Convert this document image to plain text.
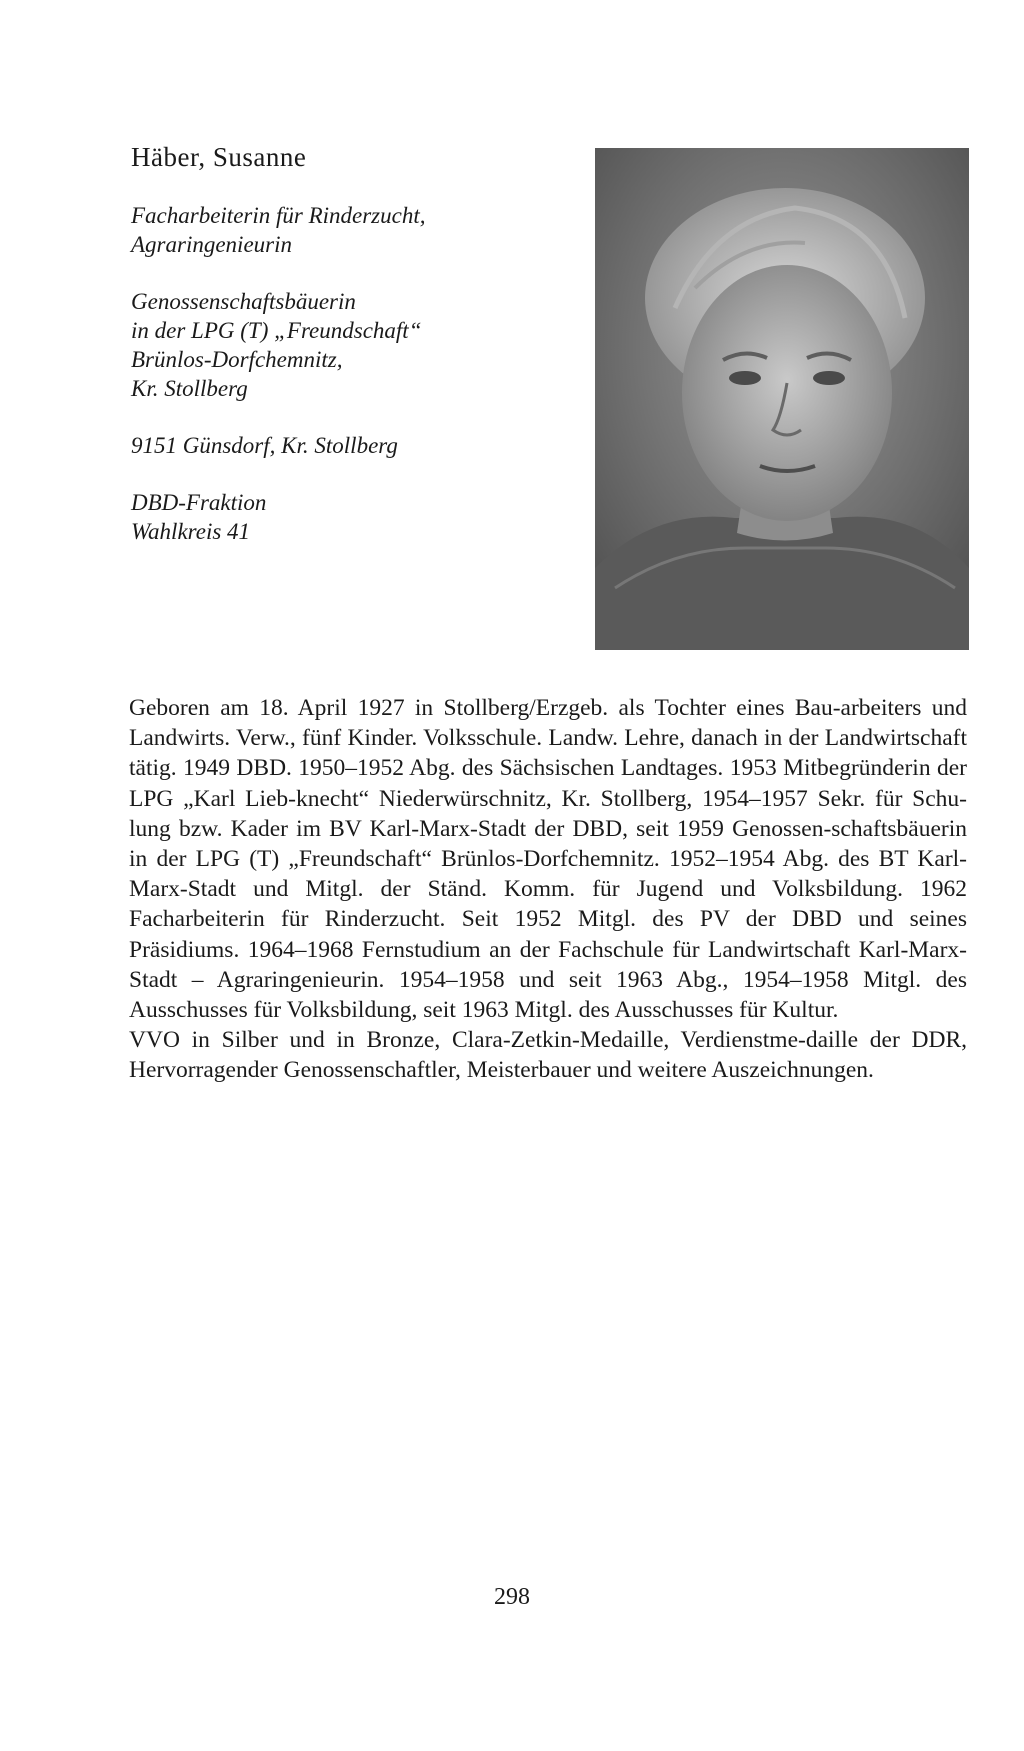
Häber, Susanne
Facharbeiterin für Rinderzucht,
Agraringenieurin
Genossenschaftsbäuerin
in der LPG (T) „Freundschaft“
Brünlos-Dorfchemnitz,
Kr. Stollberg
9151 Günsdorf, Kr. Stollberg
DBD-Fraktion
Wahlkreis 41

Geboren am 18. April 1927 in Stollberg/Erzgeb. als Tochter eines Bau-arbeiters und Landwirts. Verw., fünf Kinder. Volksschule. Landw. Lehre, danach in der Landwirtschaft tätig. 1949 DBD. 1950–1952 Abg. des Sächsischen Landtages. 1953 Mitbegründerin der LPG „Karl Lieb-knecht“ Niederwürschnitz, Kr. Stollberg, 1954–1957 Sekr. für Schu-lung bzw. Kader im BV Karl-Marx-Stadt der DBD, seit 1959 Genossen-schaftsbäuerin in der LPG (T) „Freundschaft“ Brünlos-Dorfchemnitz. 1952–1954 Abg. des BT Karl-Marx-Stadt und Mitgl. der Ständ. Komm. für Jugend und Volksbildung. 1962 Facharbeiterin für Rinderzucht. Seit 1952 Mitgl. des PV der DBD und seines Präsidiums. 1964–1968 Fernstudium an der Fachschule für Landwirtschaft Karl-Marx-Stadt – Agraringenieurin. 1954–1958 und seit 1963 Abg., 1954–1958 Mitgl. des Ausschusses für Volksbildung, seit 1963 Mitgl. des Ausschusses für Kultur.

VVO in Silber und in Bronze, Clara-Zetkin-Medaille, Verdienstme-daille der DDR, Hervorragender Genossenschaftler, Meisterbauer und weitere Auszeichnungen.

298
